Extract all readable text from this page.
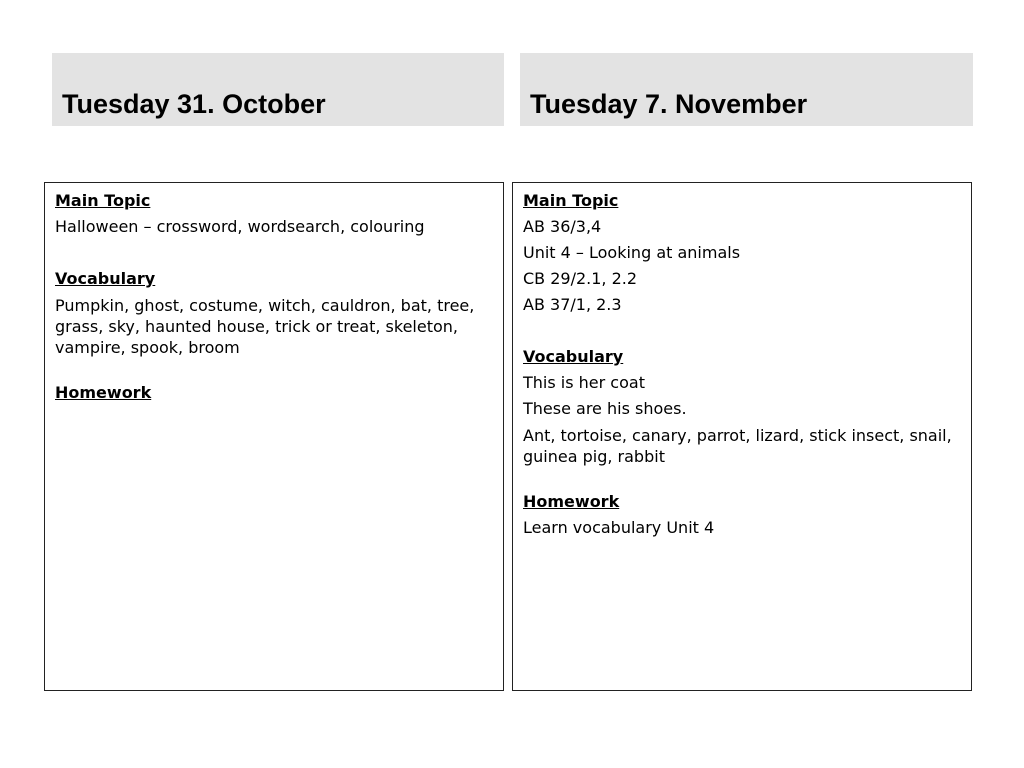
Tuesday 31. October	Tuesday 7. November

Main Topic

Halloween – crossword, wordsearch, colouring

Vocabulary

Pumpkin, ghost, costume, witch, cauldron, bat, tree, grass, sky, haunted house, trick or treat, skeleton, vampire, spook, broom

Homework

Main Topic

AB 36/3,4

Unit 4 – Looking at animals

CB 29/2.1, 2.2

AB 37/1, 2.3

Vocabulary

This is her coat

These are his shoes.

Ant, tortoise, canary, parrot, lizard, stick insect, snail, guinea pig, rabbit

Homework

Learn vocabulary Unit 4
